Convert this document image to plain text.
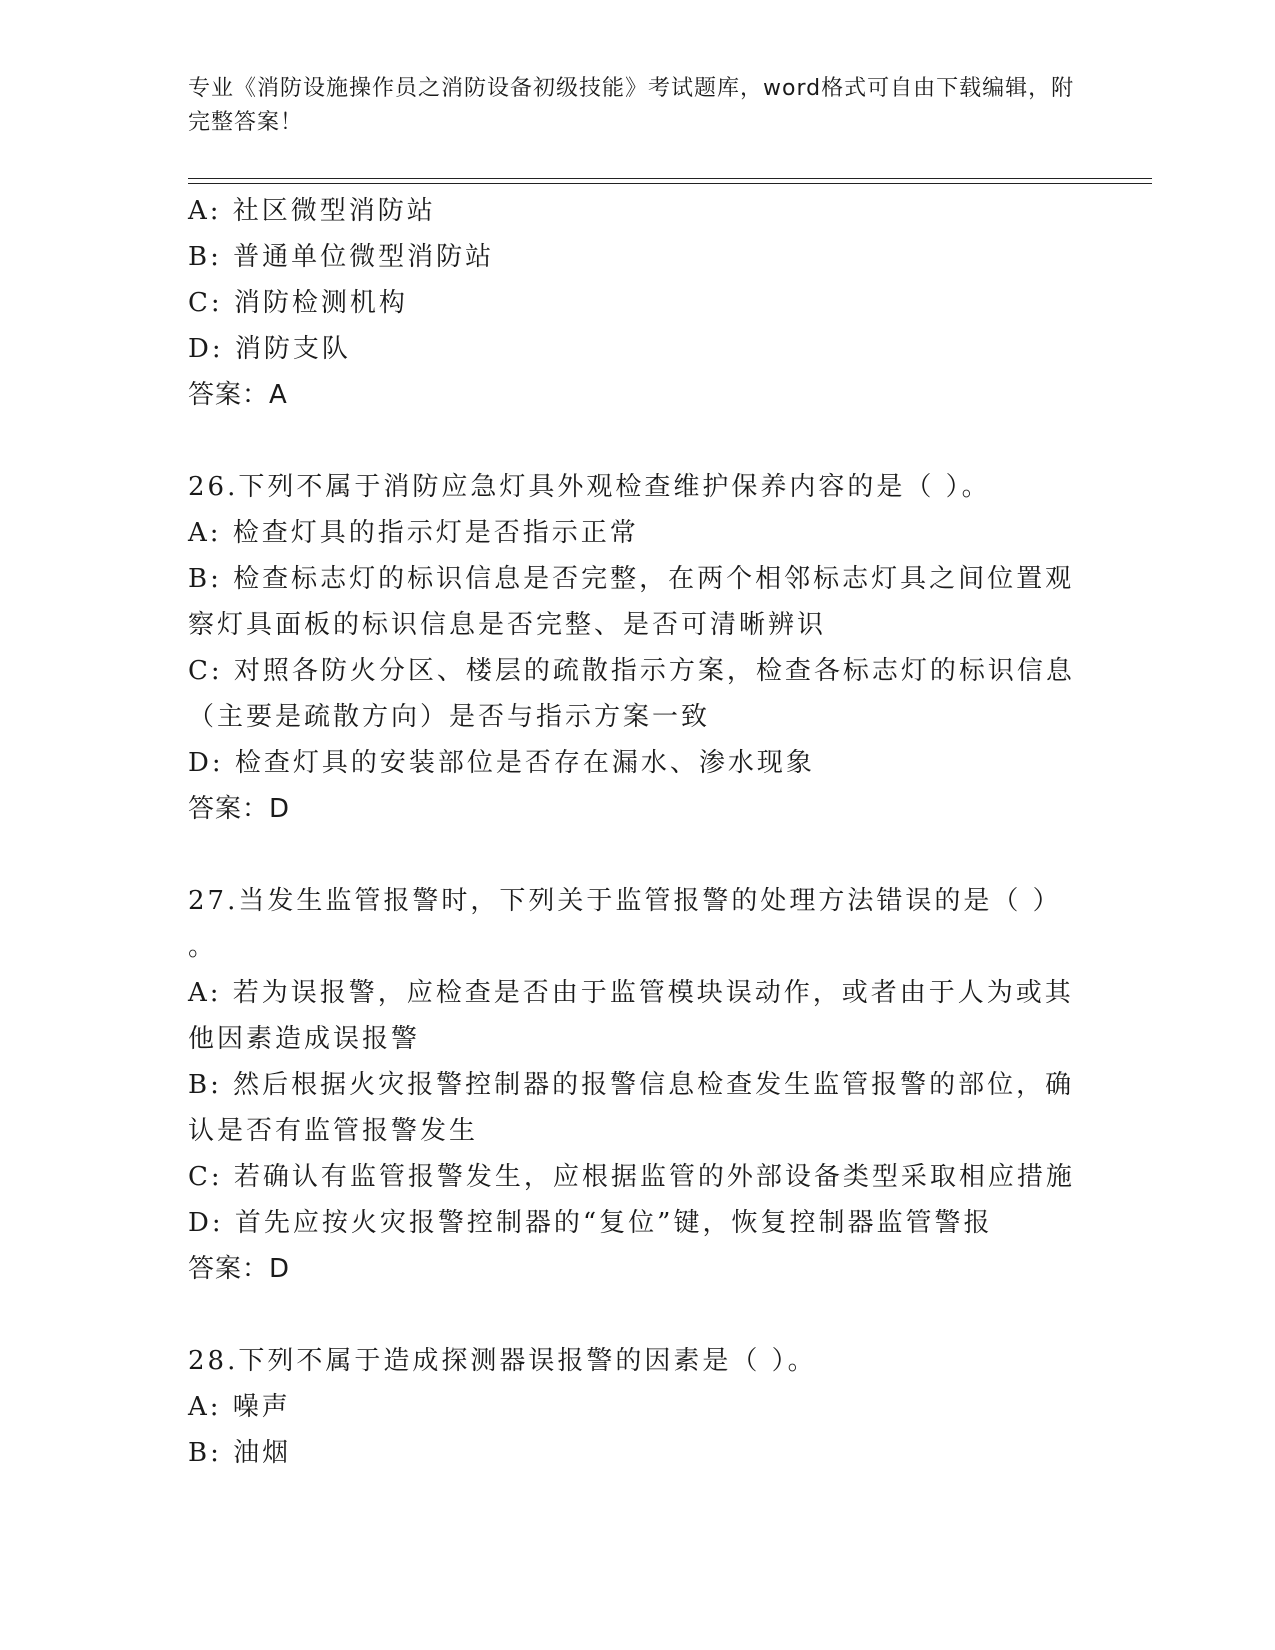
专业《消防设施操作员之消防设备初级技能》考试题库，word格式可自由下载编辑，附完整答案！
A: 社区微型消防站
B: 普通单位微型消防站
C: 消防检测机构
D: 消防支队
答案：A
26.下列不属于消防应急灯具外观检查维护保养内容的是（ ）。
A: 检查灯具的指示灯是否指示正常
B: 检查标志灯的标识信息是否完整，在两个相邻标志灯具之间位置观
察灯具面板的标识信息是否完整、是否可清晰辨识
C: 对照各防火分区、楼层的疏散指示方案，检查各标志灯的标识信息
（主要是疏散方向）是否与指示方案一致
D: 检查灯具的安装部位是否存在漏水、渗水现象
答案：D
27.当发生监管报警时，下列关于监管报警的处理方法错误的是（ ）
。
A: 若为误报警，应检查是否由于监管模块误动作，或者由于人为或其
他因素造成误报警
B: 然后根据火灾报警控制器的报警信息检查发生监管报警的部位，确
认是否有监管报警发生
C: 若确认有监管报警发生，应根据监管的外部设备类型采取相应措施
D: 首先应按火灾报警控制器的“复位”键，恢复控制器监管警报
答案：D
28.下列不属于造成探测器误报警的因素是（ ）。
A: 噪声
B: 油烟
